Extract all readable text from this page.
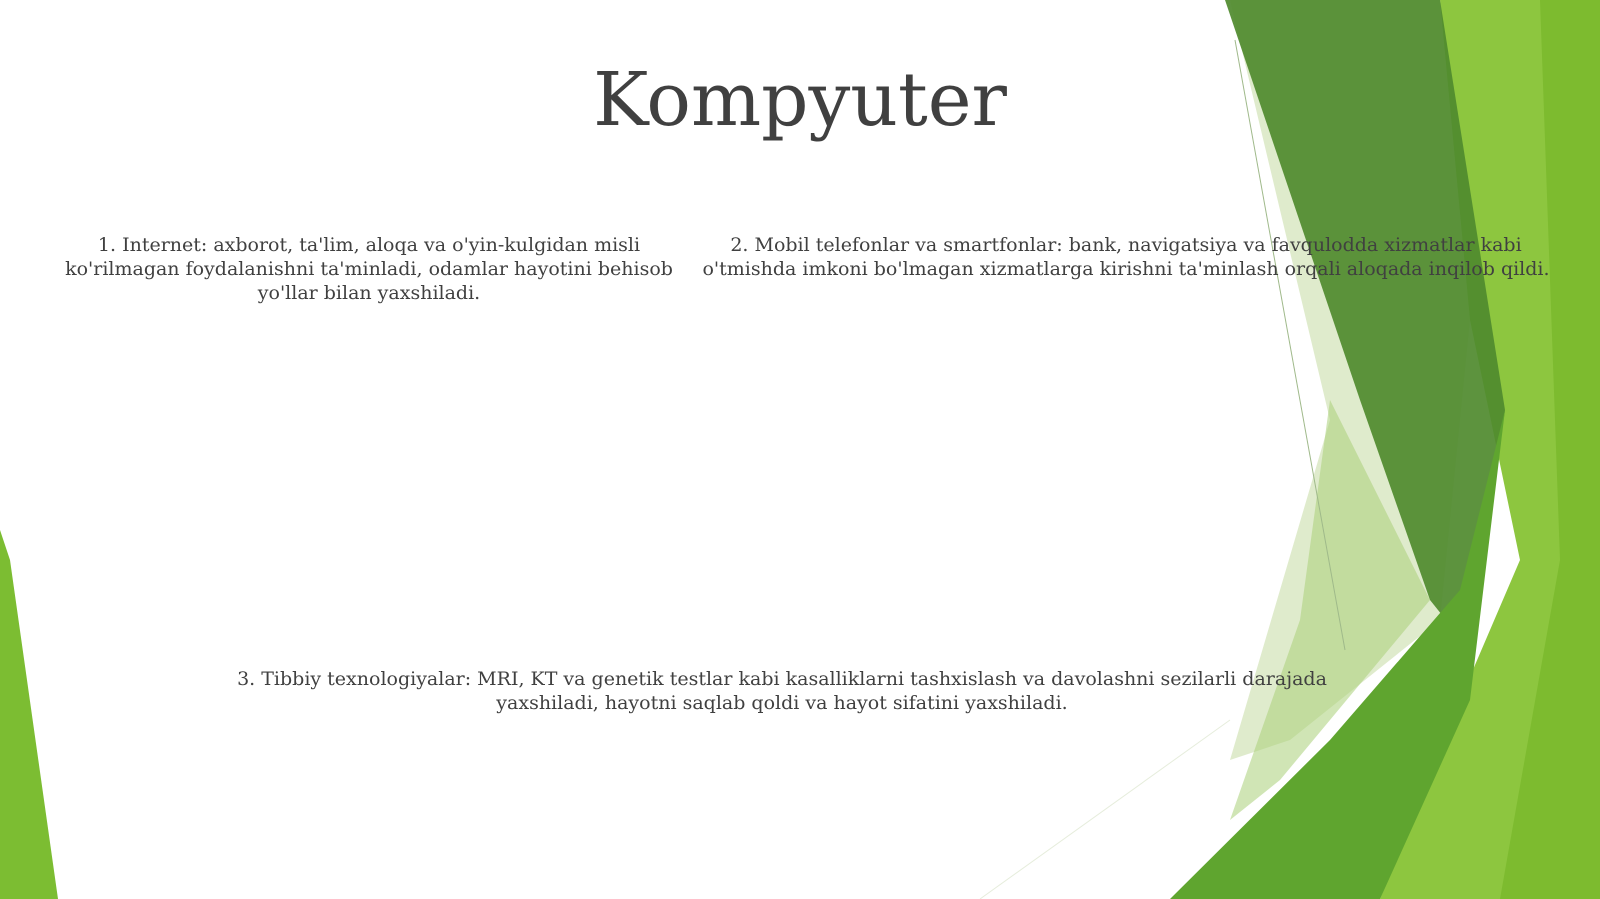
Kompyuter
1. Internet: axborot, ta'lim, aloqa va o'yin-kulgidan misli ko'rilmagan foydalanishni ta'minladi, odamlar hayotini behisob yo'llar bilan yaxshiladi.
2. Mobil telefonlar va smartfonlar: bank, navigatsiya va favqulodda xizmatlar kabi
o'tmishda imkoni bo'lmagan xizmatlarga kirishni ta'minlash orqali aloqada inqilob qildi.
3. Tibbiy texnologiyalar: MRI, KT va genetik testlar kabi kasalliklarni tashxislash va davolashni sezilarli darajada yaxshiladi, hayotni saqlab qoldi va hayot sifatini yaxshiladi.
